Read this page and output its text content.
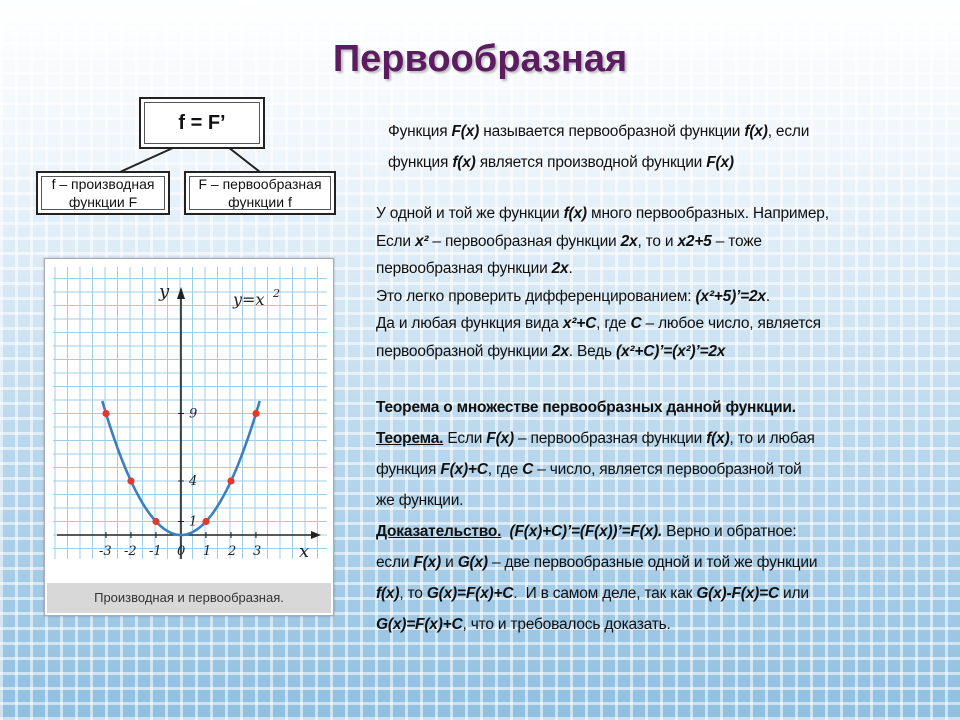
Первообразная
f = F’
f – производная
функции F
F – первообразная
функции f
-3 -2 -1 0 1 2 3
9
4
1
y
x
y=x 2
Производная и первообразная.
Функция F(x) называется первообразной функции f(x), если
функция f(x) является производной функции F(x)
У одной и той же функции f(x) много первообразных. Например,
Если x² – первообразная функции 2x, то и x2+5 – тоже
первообразная функции 2x.
Это легко проверить дифференцированием: (x²+5)’=2x.
Да и любая функция вида x²+C, где C – любое число, является
первообразной функции 2x. Ведь (x²+C)’=(x²)’=2x
Теорема о множестве первообразных данной функции.
Теорема. Если F(x) – первообразная функции f(x), то и любая
функция F(x)+C, где C – число, является первообразной той
же функции.
Доказательство. (F(x)+C)’=(F(x))’=F(x). Верно и обратное:
если F(x) и G(x) – две первообразные одной и той же функции
f(x), то G(x)=F(x)+C.  И в самом деле, так как G(x)-F(x)=C или
G(x)=F(x)+C, что и требовалось доказать.
